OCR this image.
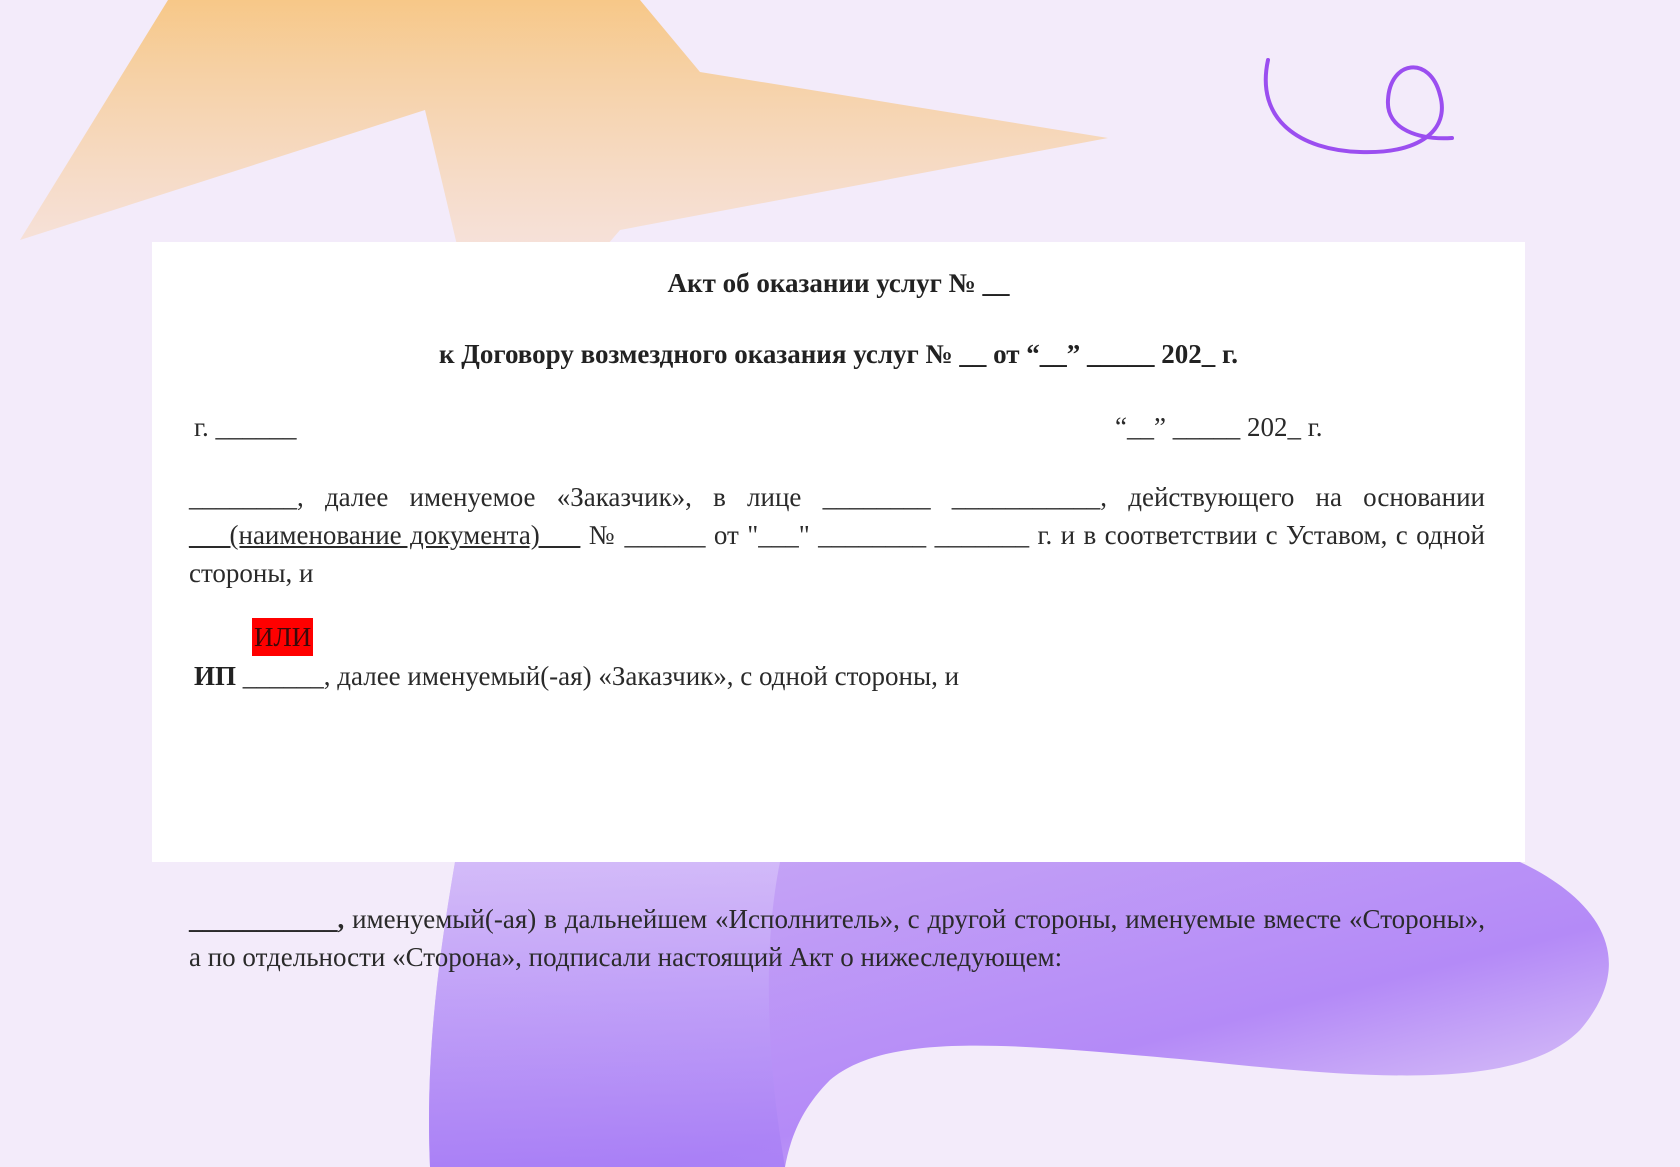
Акт об оказании услуг № __
к Договору возмездного оказания услуг № __ от “__” _____ 202_ г.
г. ______	“__” _____ 202_ г.
________, далее именуемое «Заказчик», в лице ________ ___________, действующего на основании ___(наименование документа)___ № ______ от "___" ________ _______ г. и в соответствии с Уставом, с одной стороны, и
ИЛИ
ИП ______, далее именуемый(-ая) «Заказчик», с одной стороны, и
___________, именуемый(-ая) в дальнейшем «Исполнитель», с другой стороны, именуемые вместе «Стороны», а по отдельности «Сторона», подписали настоящий Акт о нижеследующем:
